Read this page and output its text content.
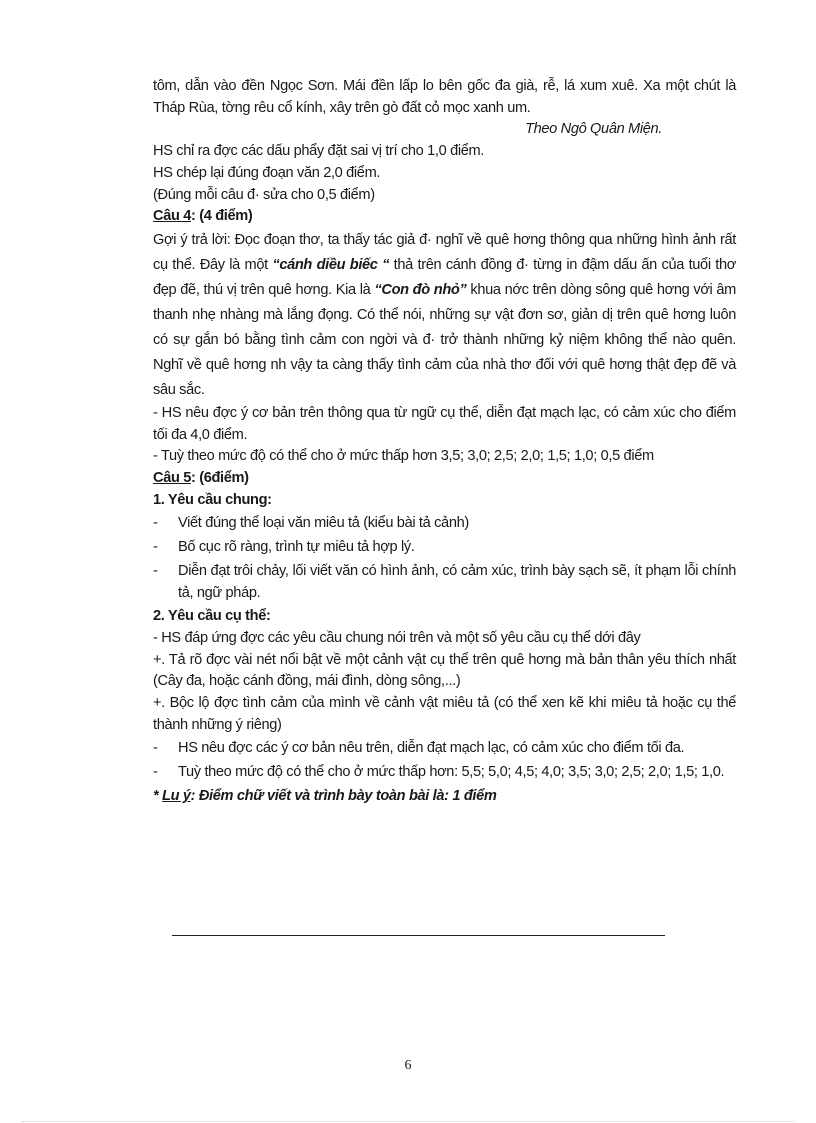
tôm, dẫn vào đền Ngọc Sơn. Mái đền lấp lo bên gốc đa già, rễ, lá xum xuê. Xa một chút là Tháp Rùa, tờng rêu cổ kính, xây trên gò đất cỏ mọc xanh um.

Theo Ngô Quân Miện.

HS chỉ ra đợc các dấu phẩy đặt sai vị trí cho 1,0 điểm.

HS chép lại đúng đoạn văn 2,0 điểm.

(Đúng mỗi câu đ· sửa cho 0,5 điểm)

Câu 4: (4 điểm)

Gợi ý trả lời: Đọc đoạn thơ, ta thấy tác giả đ· nghĩ về quê hơng thông qua những hình ảnh rất cụ thể. Đây là một “cánh diều biếc “ thả trên cánh đồng đ· từng in đậm dấu ấn của tuổi thơ đẹp đẽ, thú vị trên quê hơng. Kia là “Con đò nhỏ” khua nớc trên dòng sông quê hơng với âm thanh nhẹ nhàng mà lắng đọng. Có thể nói, những sự vật đơn sơ, giản dị trên quê hơng luôn có sự gắn bó bằng tình cảm con ngời và đ· trở thành những kỷ niệm không thể nào quên. Nghĩ về quê hơng nh vậy ta càng thấy tình cảm của nhà thơ đối với quê hơng thật đẹp đẽ và sâu sắc.

- HS nêu đợc ý cơ bản trên thông qua từ ngữ cụ thể, diễn đạt mạch lạc, có cảm xúc cho điểm tối đa 4,0 điểm.

- Tuỳ theo mức độ có thể cho ở mức thấp hơn 3,5; 3,0; 2,5; 2,0; 1,5; 1,0; 0,5 điểm

Câu 5: (6điểm)

1. Yêu cầu chung:

- Viết đúng thể loại văn miêu tả (kiểu bài tả cảnh)
- Bố cục rõ ràng, trình tự miêu tả hợp lý.
- Diễn đạt trôi chảy, lối viết văn có hình ảnh, có cảm xúc, trình bày sạch sẽ, ít phạm lỗi chính tả, ngữ pháp.

2. Yêu cầu cụ thể:

- HS đáp ứng đợc các yêu cầu chung nói trên và một số yêu cầu cụ thể dới đây

+. Tả rõ đợc vài nét nổi bật về một cảnh vật cụ thể trên quê hơng mà bản thân yêu thích nhất (Cây đa, hoặc cánh đồng, mái đình, dòng sông,...)

+. Bộc lộ đợc tình cảm của mình về cảnh vật miêu tả (có thể xen kẽ khi miêu tả hoặc cụ thể thành những ý riêng)

- HS nêu đợc các ý cơ bản nêu trên, diễn đạt mạch lạc, có cảm xúc cho điểm tối đa.
- Tuỳ theo mức độ có thể cho ở mức thấp hơn: 5,5; 5,0; 4,5; 4,0; 3,5; 3,0; 2,5; 2,0; 1,5; 1,0.

* Lu ý: Điểm chữ viết và trình bày toàn bài là: 1 điểm

6
